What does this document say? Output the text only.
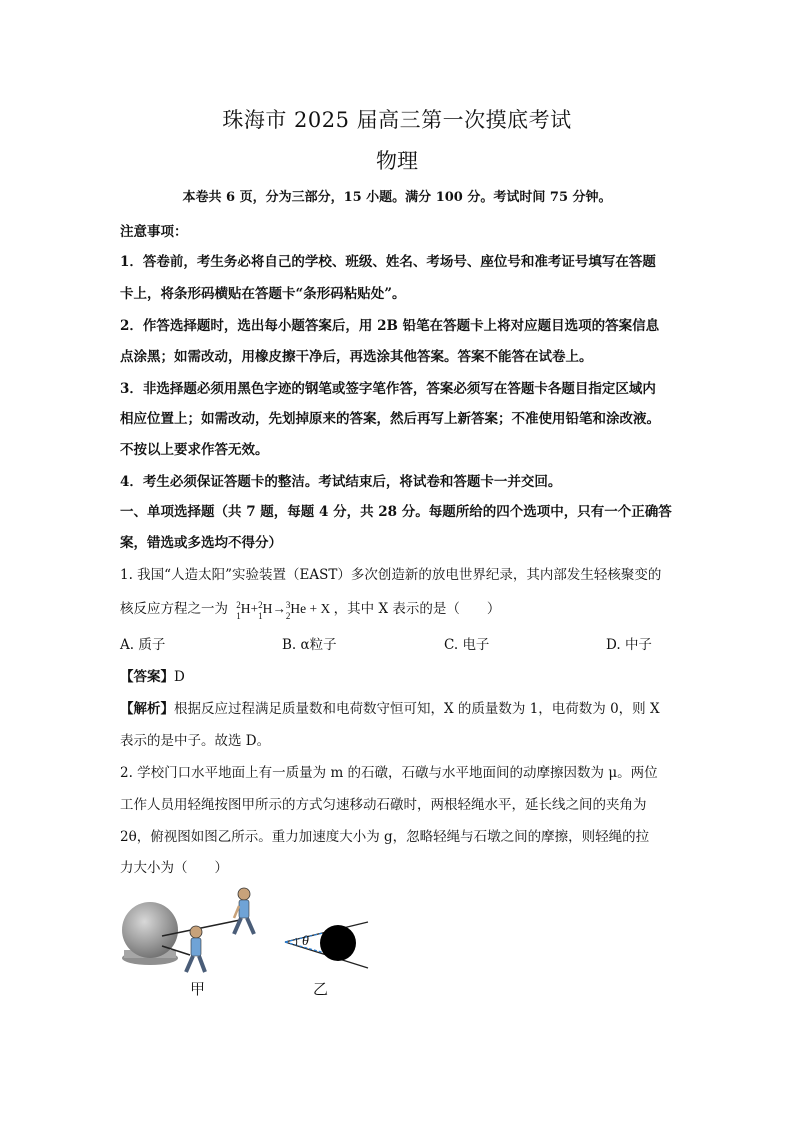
珠海市 2025 届高三第一次摸底考试
物理
本卷共 6 页，分为三部分，15 小题。满分 100 分。考试时间 75 分钟。
注意事项：
1．答卷前，考生务必将自己的学校、班级、姓名、考场号、座位号和准考证号填写在答题
卡上，将条形码横贴在答题卡“条形码粘贴处”。
2．作答选择题时，选出每小题答案后，用 2B 铅笔在答题卡上将对应题目选项的答案信息
点涂黑；如需改动，用橡皮擦干净后，再选涂其他答案。答案不能答在试卷上。
3．非选择题必须用黑色字迹的钢笔或签字笔作答，答案必须写在答题卡各题目指定区域内
相应位置上；如需改动，先划掉原来的答案，然后再写上新答案；不准使用铅笔和涂改液。
不按以上要求作答无效。
4．考生必须保证答题卡的整洁。考试结束后，将试卷和答题卡一并交回。
一、单项选择题（共 7 题，每题 4 分，共 28 分。每题所给的四个选项中，只有一个正确答
案，错选或多选均不得分）
1. 我国“人造太阳”实验装置（EAST）多次创造新的放电世界纪录，其内部发生轻核聚变的
核反应方程之一为 2
1H+2
1H→3
2He + X ，其中 X 表示的是（　　）
A. 质子	B. α粒子	C. 电子	D. 中子
【答案】D
【解析】根据反应过程满足质量数和电荷数守恒可知，X 的质量数为 1，电荷数为 0，则 X
表示的是中子。故选 D。
2. 学校门口水平地面上有一质量为 m 的石礅，石礅与水平地面间的动摩擦因数为 μ。两位
工作人员用轻绳按图甲所示的方式匀速移动石礅时，两根轻绳水平，延长线之间的夹角为
2θ，俯视图如图乙所示。重力加速度大小为 g，忽略轻绳与石墩之间的摩擦，则轻绳的拉
力大小为（　　）
甲	乙
θ
